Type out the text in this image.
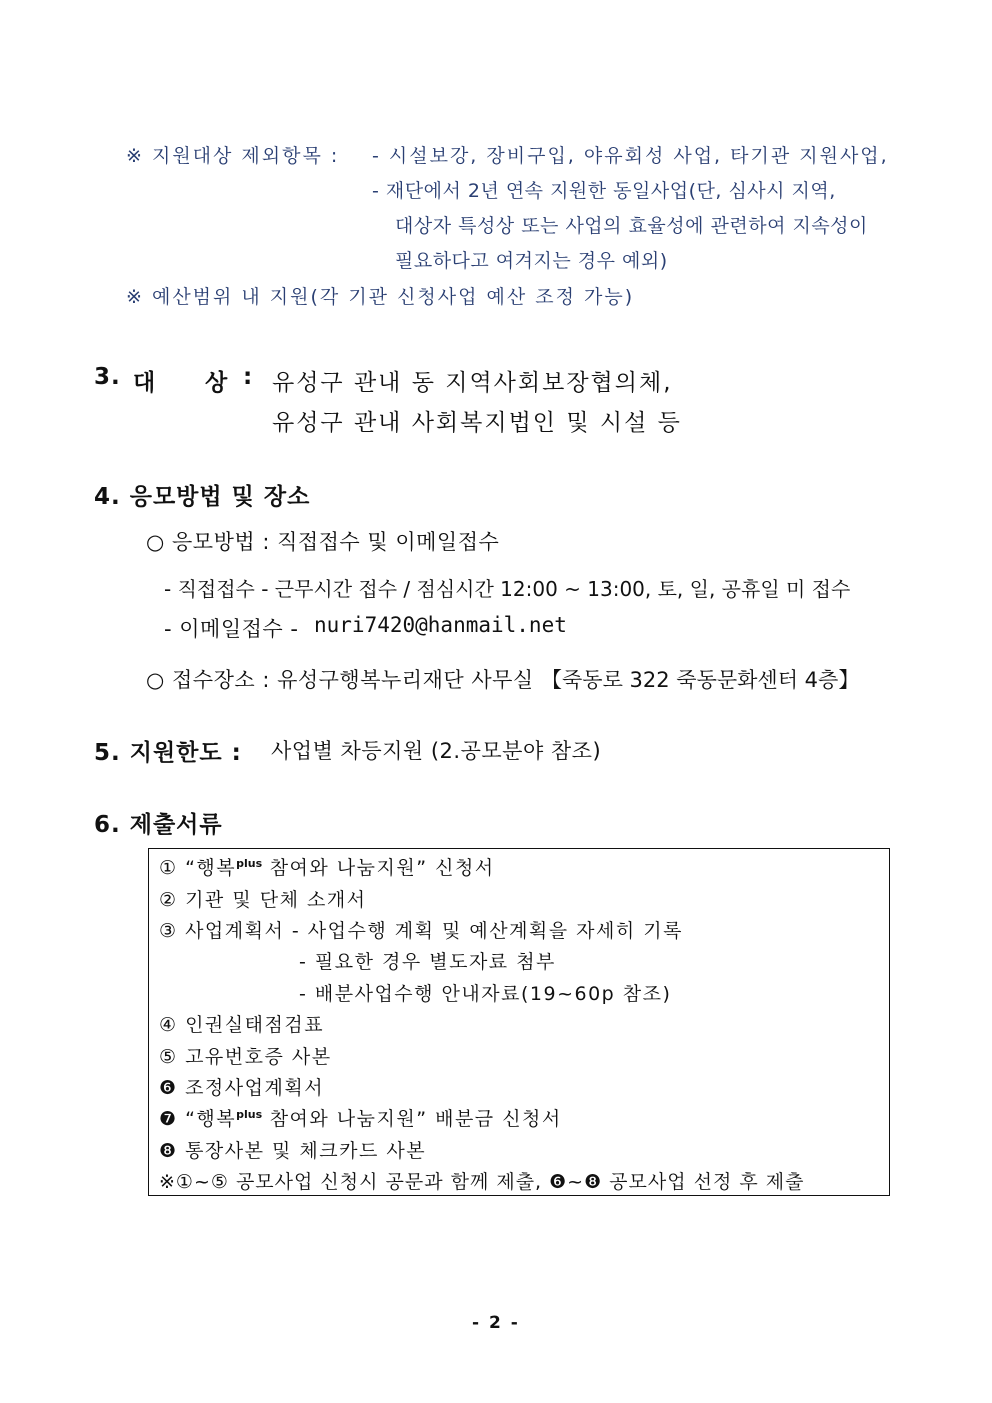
※ 지원대상 제외항목 : - 시설보강, 장비구입, 야유회성 사업, 타기관 지원사업,
- 재단에서 2년 연속 지원한 동일사업(단, 심사시 지역,
대상자 특성상 또는 사업의 효율성에 관련하여 지속성이
필요하다고 여겨지는 경우 예외)
※ 예산범위 내 지원(각 기관 신청사업 예산 조정 가능)
3. 대 상 : 유성구 관내 동 지역사회보장협의체,
유성구 관내 사회복지법인 및 시설 등
4. 응모방법 및 장소
○ 응모방법 : 직접접수 및 이메일접수
- 직접접수 - 근무시간 접수 / 점심시간 12:00 ~ 13:00, 토, 일, 공휴일 미 접수
- 이메일접수 - nuri7420@hanmail.net
○ 접수장소 : 유성구행복누리재단 사무실 【죽동로 322 죽동문화센터 4층】
5. 지원한도 : 사업별 차등지원 (2.공모분야 참조)
6. 제출서류
① “행복$^{plus}$ 참여와 나눔지원” 신청서
② 기관 및 단체 소개서
③ 사업계획서 - 사업수행 계획 및 예산계획을 자세히 기록
- 필요한 경우 별도자료 첨부
- 배분사업수행 안내자료(19~60p 참조)
④ 인권실태점검표
⑤ 고유번호증 사본
❻ 조정사업계획서
❼ “행복$^{plus}$ 참여와 나눔지원” 배분금 신청서
❽ 통장사본 및 체크카드 사본
※①~⑤ 공모사업 신청시 공문과 함께 제출, ❻~❽ 공모사업 선정 후 제출
- 2 -
